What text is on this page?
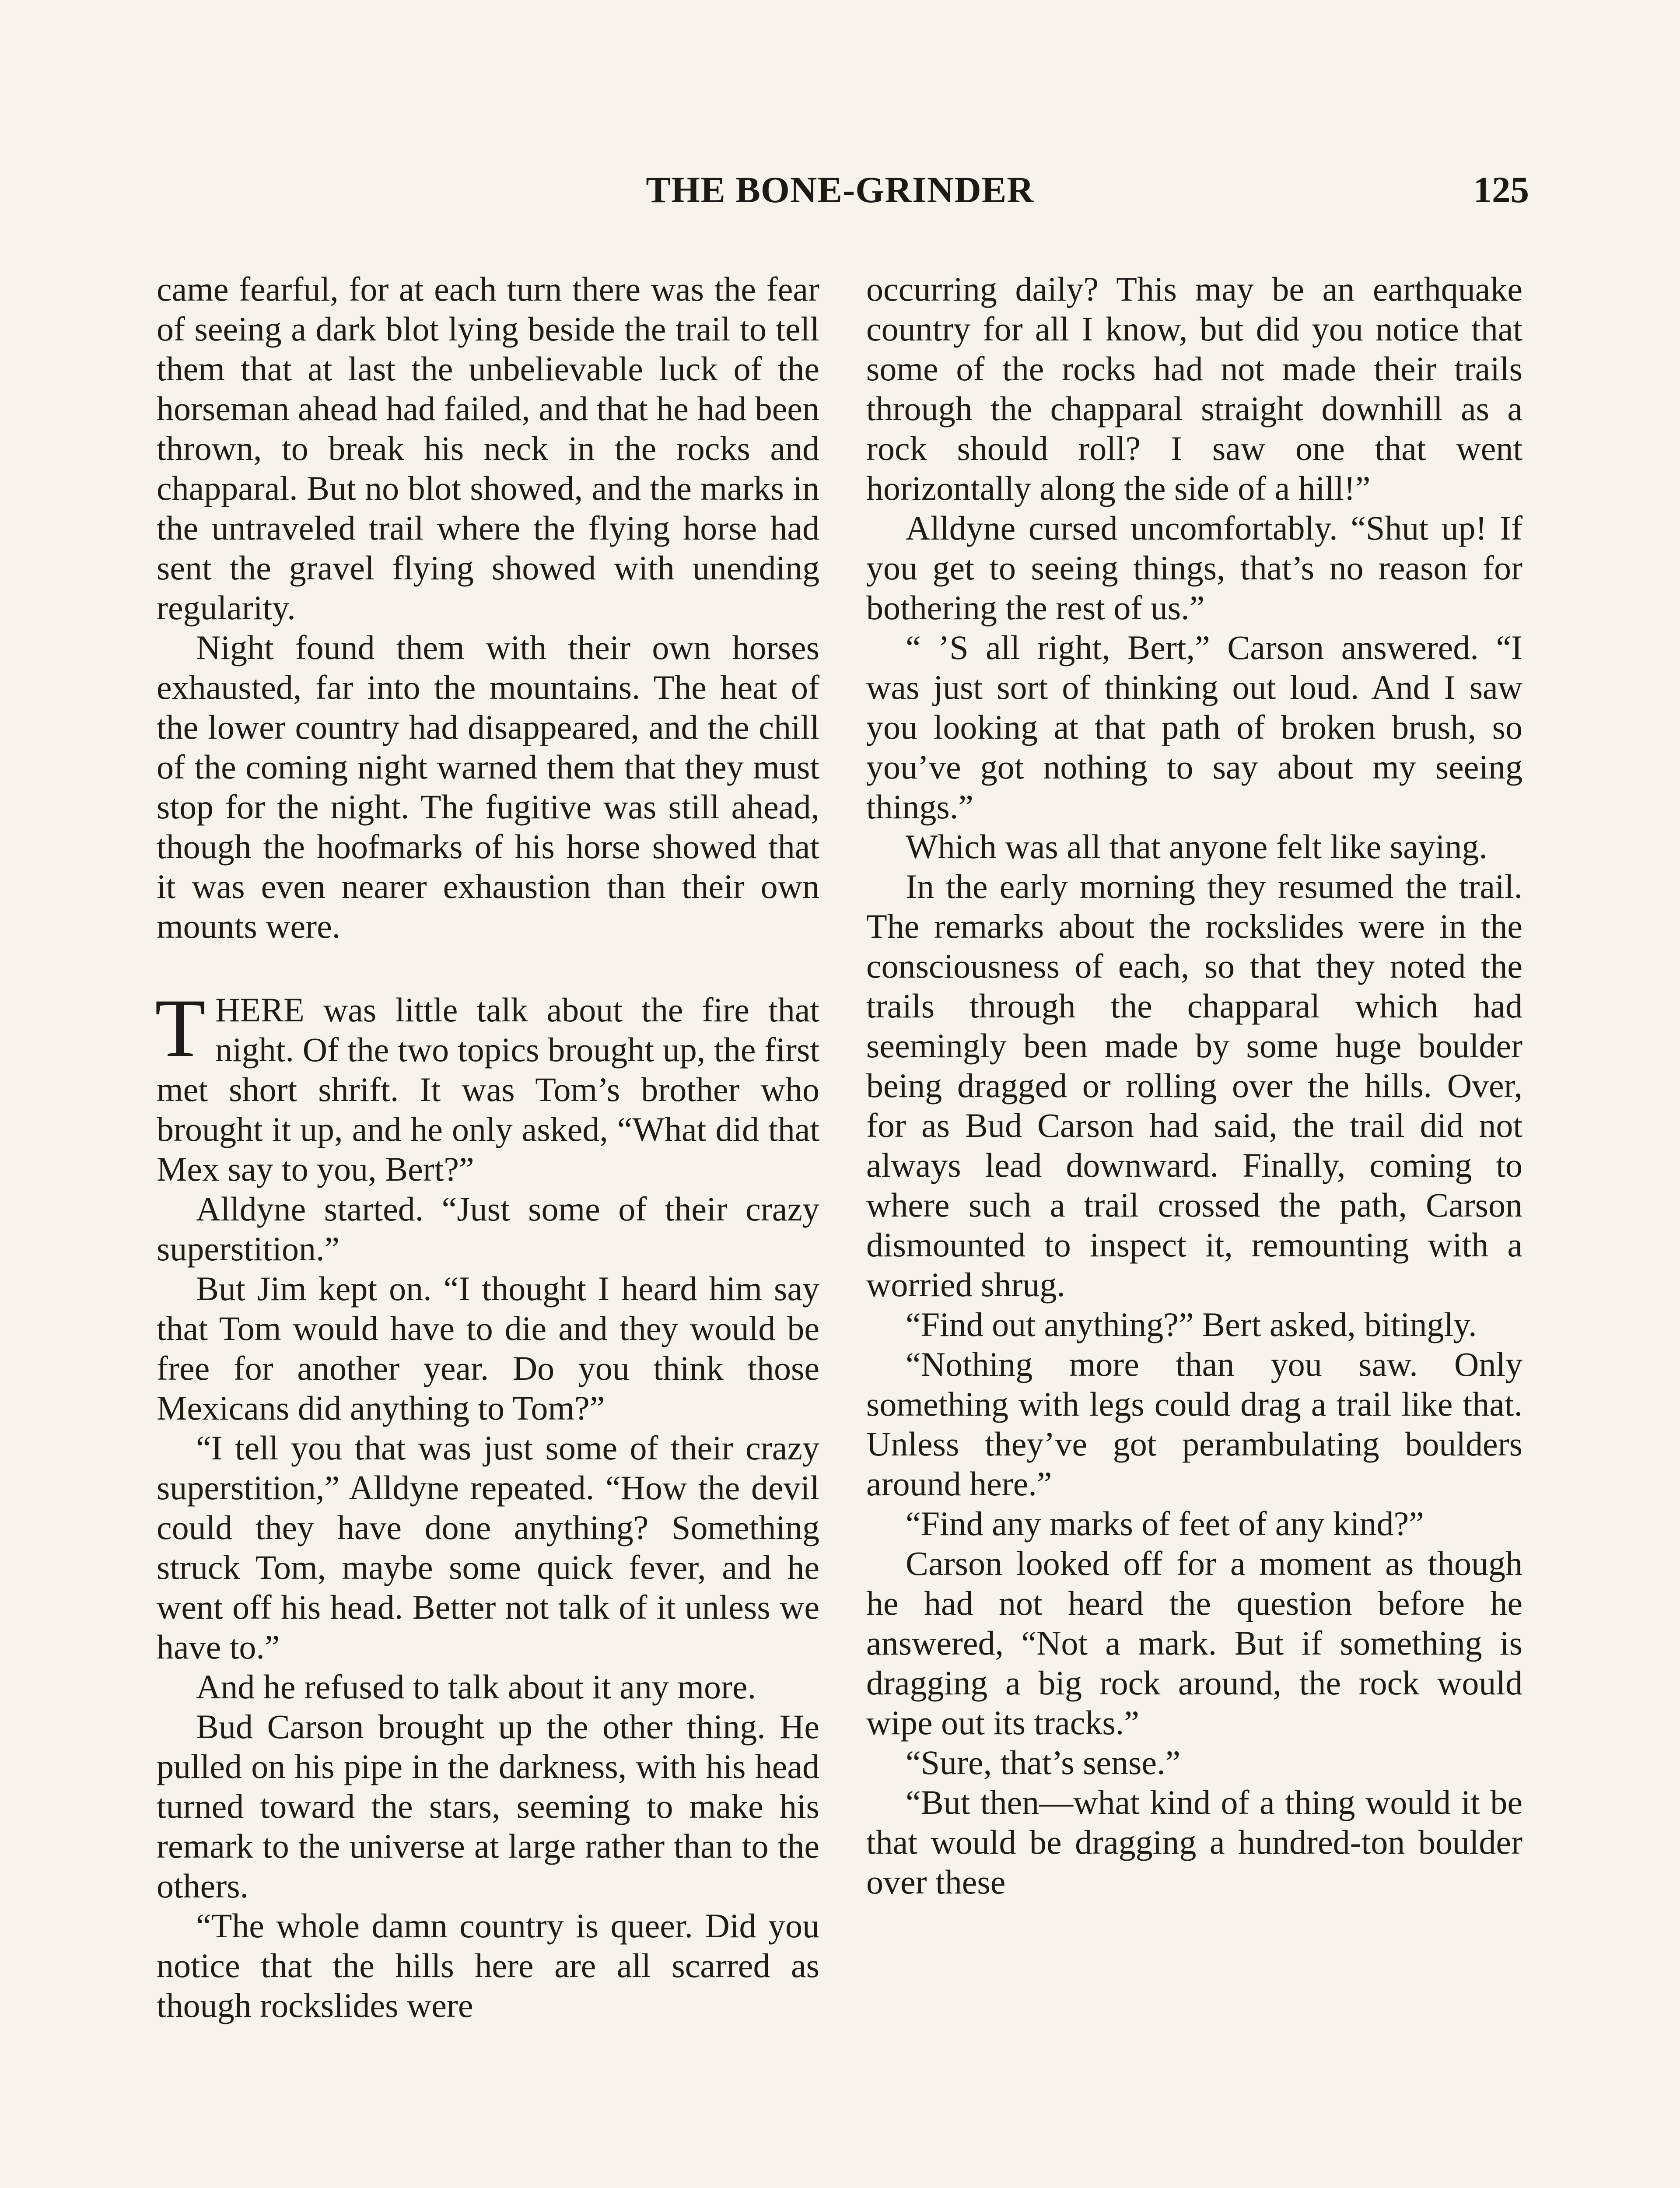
THE BONE-GRINDER	125

came fearful, for at each turn there was the fear of seeing a dark blot lying beside the trail to tell them that at last the unbelievable luck of the horseman ahead had failed, and that he had been thrown, to break his neck in the rocks and chapparal. But no blot showed, and the marks in the untraveled trail where the flying horse had sent the gravel flying showed with unending regularity.

Night found them with their own horses exhausted, far into the mountains. The heat of the lower country had disappeared, and the chill of the coming night warned them that they must stop for the night. The fugitive was still ahead, though the hoofmarks of his horse showed that it was even nearer exhaustion than their own mounts were.

THERE was little talk about the fire that night. Of the two topics brought up, the first met short shrift. It was Tom’s brother who brought it up, and he only asked, “What did that Mex say to you, Bert?”

Alldyne started. “Just some of their crazy superstition.”

But Jim kept on. “I thought I heard him say that Tom would have to die and they would be free for another year. Do you think those Mexicans did anything to Tom?”

“I tell you that was just some of their crazy superstition,” Alldyne repeated. “How the devil could they have done anything? Something struck Tom, maybe some quick fever, and he went off his head. Better not talk of it unless we have to.”

And he refused to talk about it any more.

Bud Carson brought up the other thing. He pulled on his pipe in the darkness, with his head turned toward the stars, seeming to make his remark to the universe at large rather than to the others.

“The whole damn country is queer. Did you notice that the hills here are all scarred as though rockslides were

occurring daily? This may be an earthquake country for all I know, but did you notice that some of the rocks had not made their trails through the chapparal straight downhill as a rock should roll? I saw one that went horizontally along the side of a hill!”

Alldyne cursed uncomfortably. “Shut up! If you get to seeing things, that’s no reason for bothering the rest of us.”

“ ’S all right, Bert,” Carson answered. “I was just sort of thinking out loud. And I saw you looking at that path of broken brush, so you’ve got nothing to say about my seeing things.”

Which was all that anyone felt like saying.

In the early morning they resumed the trail. The remarks about the rockslides were in the consciousness of each, so that they noted the trails through the chapparal which had seemingly been made by some huge boulder being dragged or rolling over the hills. Over, for as Bud Carson had said, the trail did not always lead downward. Finally, coming to where such a trail crossed the path, Carson dismounted to inspect it, remounting with a worried shrug.

“Find out anything?” Bert asked, bitingly.

“Nothing more than you saw. Only something with legs could drag a trail like that. Unless they’ve got perambulating boulders around here.”

“Find any marks of feet of any kind?”

Carson looked off for a moment as though he had not heard the question before he answered, “Not a mark. But if something is dragging a big rock around, the rock would wipe out its tracks.”

“Sure, that’s sense.”

“But then—what kind of a thing would it be that would be dragging a hundred-ton boulder over these
